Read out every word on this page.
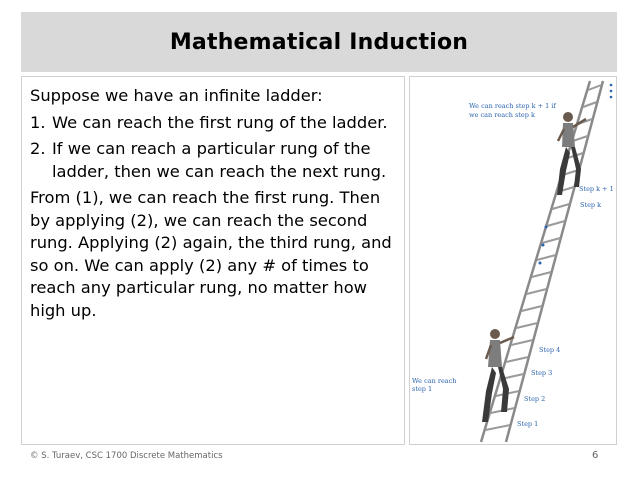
Mathematical Induction

Suppose we have an infinite ladder:

1. We can reach the first rung of the ladder.
2. If we can reach a particular rung of the ladder, then we can reach the next rung.

From (1), we can reach the first rung. Then by applying (2), we can reach the second rung. Applying (2) again, the third rung, and so on. We can apply (2) any # of times to reach any particular rung, no matter how high up.

We can reach step k + 1 if
we can reach step k
Step k + 1
Step k
Step 4
Step 3
Step 2
Step 1
We can reach
step 1
© S. Turaev, CSC 1700 Discrete Mathematics	6
